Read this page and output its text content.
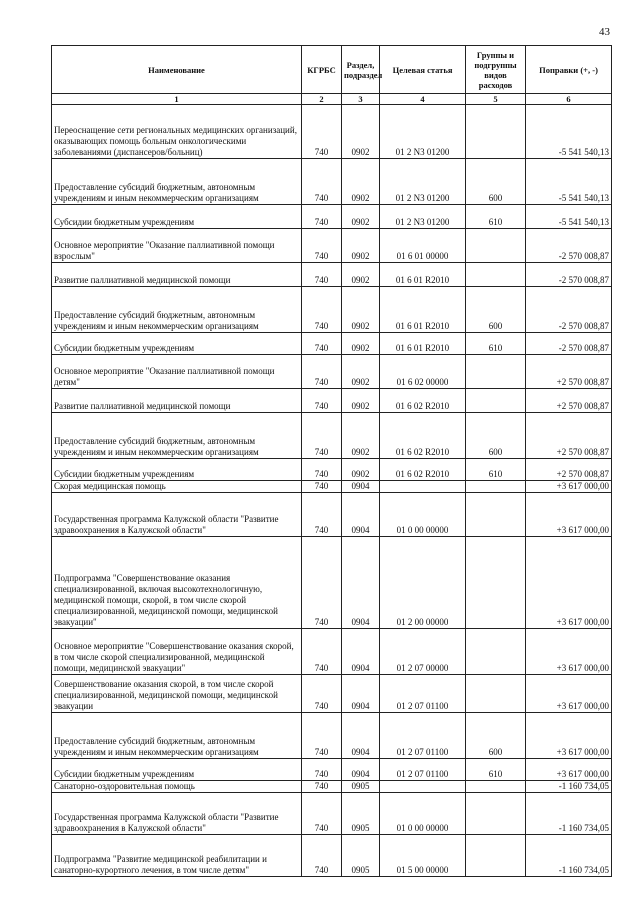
43
Наименование	КГРБС	Раздел, подраздел	Целевая статья	Группы и подгруппы видов расходов	Поправки (+, -)
1	2	3	4	5	6
Переоснащение сети региональных медицинских организаций, оказывающих помощь больным онкологическими заболеваниями (диспансеров/больниц)	740	0902	01 2 N3 01200		-5 541 540,13
Предоставление субсидий бюджетным, автономным учреждениям и иным некоммерческим организациям	740	0902	01 2 N3 01200	600	-5 541 540,13
Субсидии бюджетным учреждениям	740	0902	01 2 N3 01200	610	-5 541 540,13
Основное мероприятие "Оказание паллиативной помощи взрослым"	740	0902	01 6 01 00000		-2 570 008,87
Развитие паллиативной медицинской помощи	740	0902	01 6 01 R2010		-2 570 008,87
Предоставление субсидий бюджетным, автономным учреждениям и иным некоммерческим организациям	740	0902	01 6 01 R2010	600	-2 570 008,87
Субсидии бюджетным учреждениям	740	0902	01 6 01 R2010	610	-2 570 008,87
Основное мероприятие "Оказание паллиативной помощи детям"	740	0902	01 6 02 00000		+2 570 008,87
Развитие паллиативной медицинской помощи	740	0902	01 6 02 R2010		+2 570 008,87
Предоставление субсидий бюджетным, автономным учреждениям и иным некоммерческим организациям	740	0902	01 6 02 R2010	600	+2 570 008,87
Субсидии бюджетным учреждениям	740	0902	01 6 02 R2010	610	+2 570 008,87
Скорая медицинская помощь	740	0904			+3 617 000,00
Государственная программа Калужской области "Развитие здравоохранения в Калужской области"	740	0904	01 0 00 00000		+3 617 000,00
Подпрограмма "Совершенствование оказания специализированной, включая высокотехнологичную, медицинской помощи, скорой, в том числе скорой специализированной, медицинской помощи, медицинской эвакуации"	740	0904	01 2 00 00000		+3 617 000,00
Основное мероприятие "Совершенствование оказания скорой, в том числе скорой специализированной, медицинской помощи, медицинской эвакуации"	740	0904	01 2 07 00000		+3 617 000,00
Совершенствование оказания скорой, в том числе скорой специализированной, медицинской помощи, медицинской эвакуации	740	0904	01 2 07 01100		+3 617 000,00
Предоставление субсидий бюджетным, автономным учреждениям и иным некоммерческим организациям	740	0904	01 2 07 01100	600	+3 617 000,00
Субсидии бюджетным учреждениям	740	0904	01 2 07 01100	610	+3 617 000,00
Санаторно-оздоровительная помощь	740	0905			-1 160 734,05
Государственная программа Калужской области "Развитие здравоохранения в Калужской области"	740	0905	01 0 00 00000		-1 160 734,05
Подпрограмма "Развитие медицинской реабилитации и санаторно-курортного лечения, в том числе детям"	740	0905	01 5 00 00000		-1 160 734,05
